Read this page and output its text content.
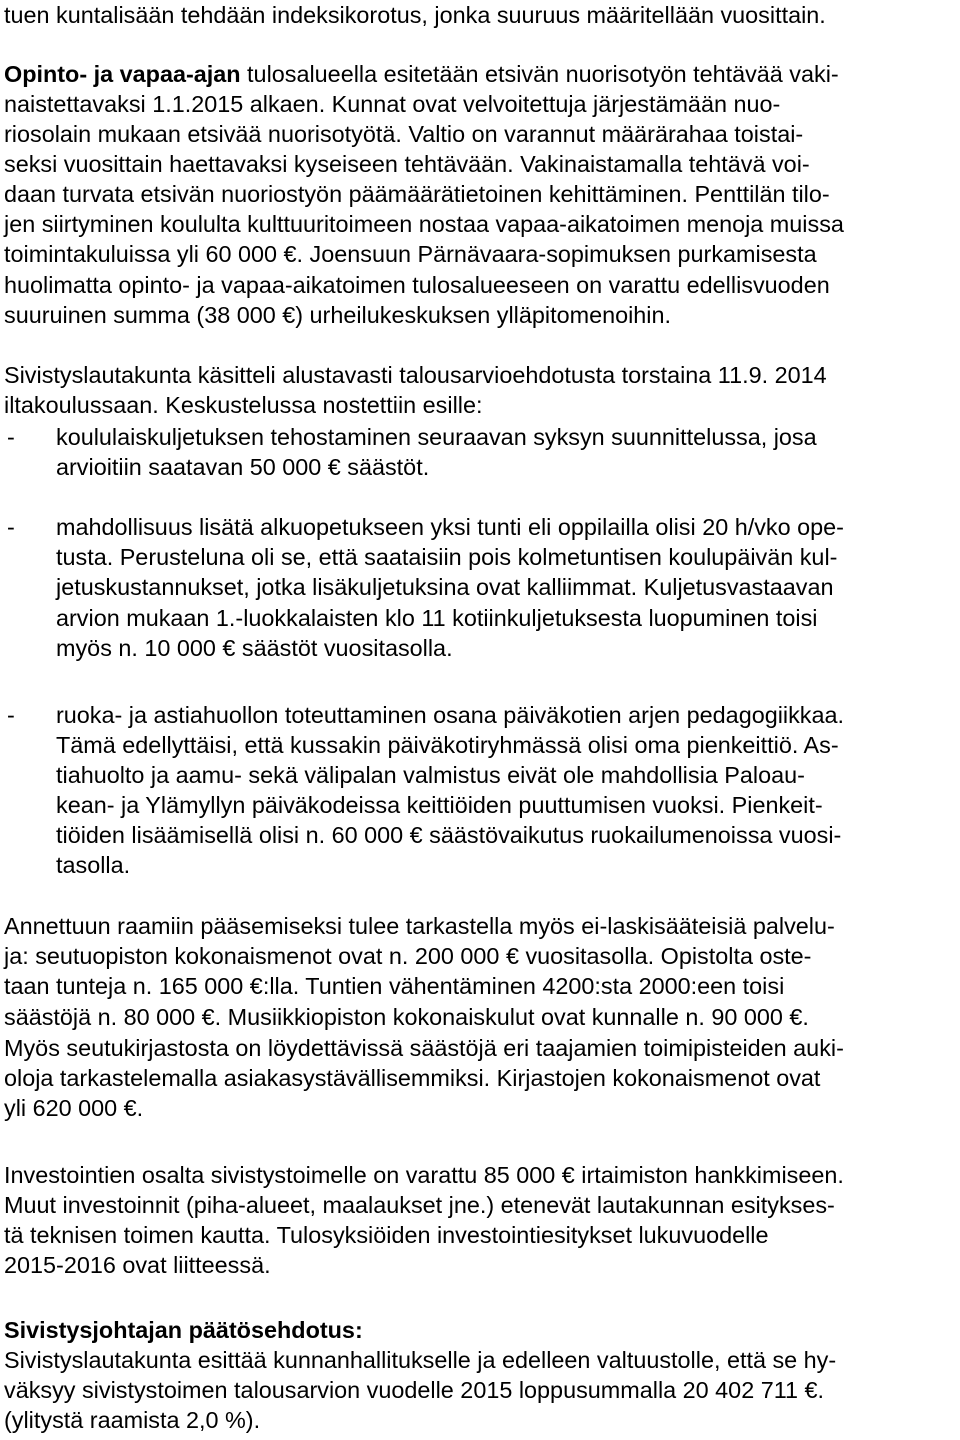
tuen kuntalisään tehdään indeksikorotus, jonka suuruus määritellään vuosittain.
Opinto- ja vapaa-ajan tulosalueella esitetään etsivän nuorisotyön tehtävää vaki-
naistettavaksi 1.1.2015 alkaen. Kunnat ovat velvoitettuja järjestämään nuo-
riosolain mukaan etsivää nuorisotyötä. Valtio on varannut määrärahaa toistai-
seksi vuosittain haettavaksi kyseiseen tehtävään. Vakinaistamalla tehtävä voi-
daan turvata etsivän nuoriostyön päämäärätietoinen kehittäminen. Penttilän tilo-
jen siirtyminen koululta kulttuuritoimeen nostaa vapaa-aikatoimen menoja muissa
toimintakuluissa yli 60 000 €. Joensuun Pärnävaara-sopimuksen purkamisesta
huolimatta opinto- ja vapaa-aikatoimen tulosalueeseen on varattu edellisvuoden
suuruinen summa (38 000 €) urheilukeskuksen ylläpitomenoihin.
Sivistyslautakunta käsitteli alustavasti talousarvioehdotusta torstaina 11.9. 2014
iltakoulussaan. Keskustelussa nostettiin esille:
- koululaiskuljetuksen tehostaminen seuraavan syksyn suunnittelussa, josa
arvioitiin saatavan 50 000 € säästöt.
- mahdollisuus lisätä alkuopetukseen yksi tunti eli oppilailla olisi 20 h/vko ope-
tusta. Perusteluna oli se, että saataisiin pois kolmetuntisen koulupäivän kul-
jetuskustannukset, jotka lisäkuljetuksina ovat kalliimmat. Kuljetusvastaavan
arvion mukaan 1.-luokkalaisten klo 11 kotiinkuljetuksesta luopuminen toisi
myös n. 10 000 € säästöt vuositasolla.
- ruoka- ja astiahuollon toteuttaminen osana päiväkotien arjen pedagogiikkaa.
Tämä edellyttäisi, että kussakin päiväkotiryhmässä olisi oma pienkeittiö. As-
tiahuolto ja aamu- sekä välipalan valmistus eivät ole mahdollisia Paloau-
kean- ja Ylämyllyn päiväkodeissa keittiöiden puuttumisen vuoksi. Pienkeit-
tiöiden lisäämisellä olisi n. 60 000 € säästövaikutus ruokailumenoissa vuosi-
tasolla.
Annettuun raamiin pääsemiseksi tulee tarkastella myös ei-laskisääteisiä palvelu-
ja: seutuopiston kokonaismenot ovat n. 200 000 € vuositasolla. Opistolta oste-
taan tunteja n. 165 000 €:lla. Tuntien vähentäminen 4200:sta 2000:een toisi
säästöjä n. 80 000 €. Musiikkiopiston kokonaiskulut ovat kunnalle n. 90 000 €.
Myös seutukirjastosta on löydettävissä säästöjä eri taajamien toimipisteiden auki-
oloja tarkastelemalla asiakasystävällisemmiksi. Kirjastojen kokonaismenot ovat
yli 620 000 €.
Investointien osalta sivistystoimelle on varattu 85 000 € irtaimiston hankkimiseen.
Muut investoinnit (piha-alueet, maalaukset jne.) etenevät lautakunnan esitykses-
tä teknisen toimen kautta. Tulosyksiöiden investointiesitykset lukuvuodelle
2015-2016 ovat liitteessä.
Sivistysjohtajan päätösehdotus:
Sivistyslautakunta esittää kunnanhallitukselle ja edelleen valtuustolle, että se hy-
väksyy sivistystoimen talousarvion vuodelle 2015 loppusummalla 20 402 711 €.
(ylitystä raamista 2,0 %).
